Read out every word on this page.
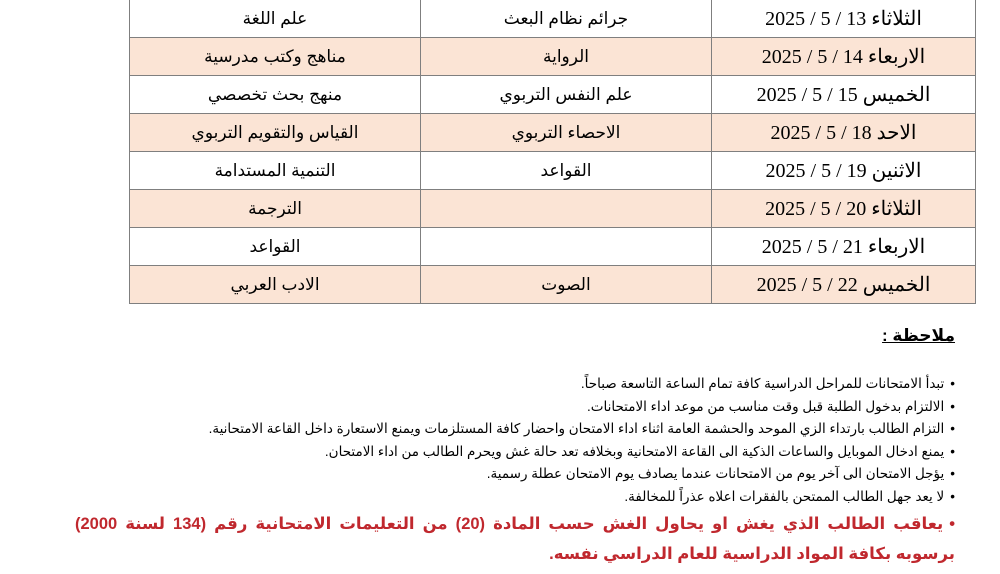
الثلاثاء 13 / 5 / 2025	جرائم نظام البعث	علم اللغة
الاربعاء 14 / 5 / 2025	الرواية	مناهج وكتب مدرسية
الخميس 15 / 5 / 2025	علم النفس التربوي	منهج بحث تخصصي
الاحد 18 / 5 / 2025	الاحصاء التربوي	القياس والتقويم التربوي
الاثنين 19 / 5 / 2025	القواعد	التنمية المستدامة
الثلاثاء 20 / 5 / 2025		الترجمة
الاربعاء 21 / 5 / 2025		القواعد
الخميس 22 / 5 / 2025	الصوت	الادب العربي
ملاحظة :
• تبدأ الامتحانات للمراحل الدراسية كافة تمام الساعة التاسعة صباحاً.
• الالتزام بدخول الطلبة قبل وقت مناسب من موعد اداء الامتحانات.
• التزام الطالب بارتداء الزي الموحد والحشمة العامة اثناء اداء الامتحان واحضار كافة المستلزمات ويمنع الاستعارة داخل القاعة الامتحانية.
• يمنع ادخال الموبايل والساعات الذكية الى القاعة الامتحانية وبخلافه تعد حالة غش ويحرم الطالب من اداء الامتحان.
• يؤجل الامتحان الى آخر يوم من الامتحانات عندما يصادف يوم الامتحان عطلة رسمية.
• لا يعد جهل الطالب الممتحن بالفقرات اعلاه عذراً للمخالفة.
• يعاقب الطالب الذي يغش او يحاول الغش حسب المادة (20) من التعليمات الامتحانية رقم (134 لسنة 2000) برسوبه بكافة المواد الدراسية للعام الدراسي نفسه.
